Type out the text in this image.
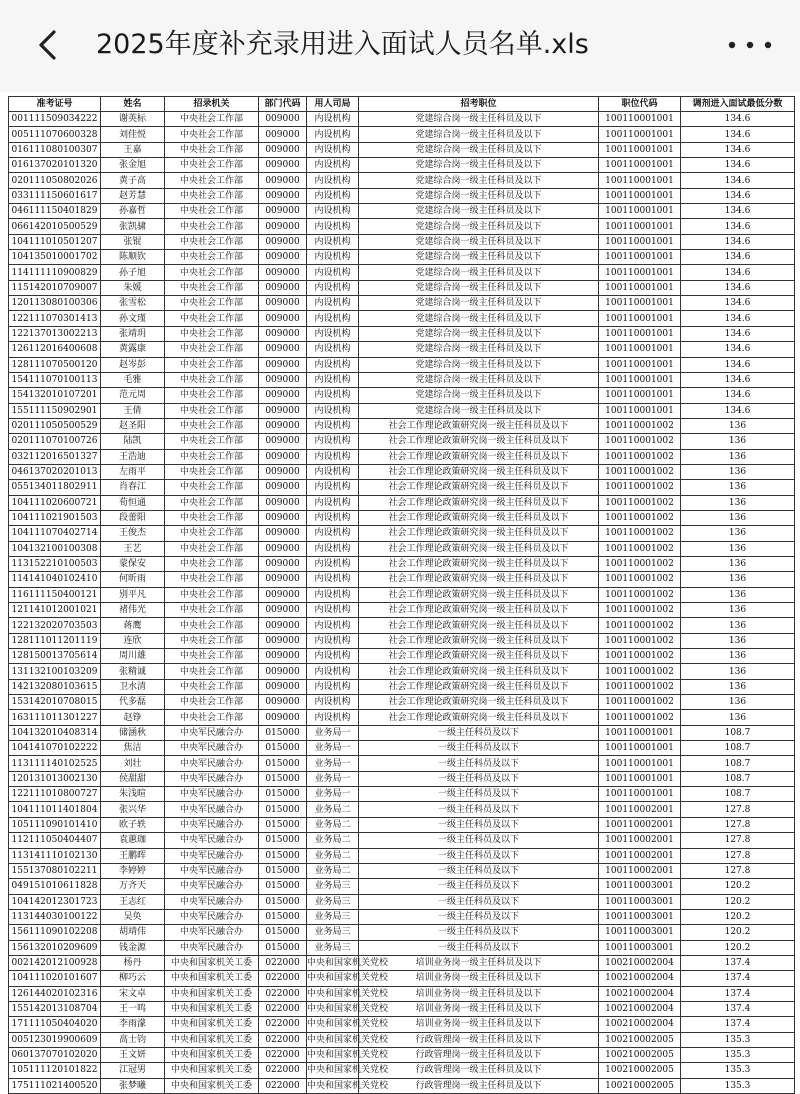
2025年度补充录用进入面试人员名单.xls
准考证号	姓名	招录机关	部门代码	用人司局	招考职位	职位代码	调剂进入面试最低分数
001111509034222	谢英标	中央社会工作部	009000	内设机构	党建综合岗一级主任科员及以下	100110001001	134.6
005111070600328	刘佳悦	中央社会工作部	009000	内设机构	党建综合岗一级主任科员及以下	100110001001	134.6
016111080100307	王嘉	中央社会工作部	009000	内设机构	党建综合岗一级主任科员及以下	100110001001	134.6
016137020101320	张金旭	中央社会工作部	009000	内设机构	党建综合岗一级主任科员及以下	100110001001	134.6
020111050802026	黄子高	中央社会工作部	009000	内设机构	党建综合岗一级主任科员及以下	100110001001	134.6
033111150601617	赵芳慧	中央社会工作部	009000	内设机构	党建综合岗一级主任科员及以下	100110001001	134.6
046111150401829	孙嘉哲	中央社会工作部	009000	内设机构	党建综合岗一级主任科员及以下	100110001001	134.6
066142010500529	张凯骕	中央社会工作部	009000	内设机构	党建综合岗一级主任科员及以下	100110001001	134.6
104111010501207	张锟	中央社会工作部	009000	内设机构	党建综合岗一级主任科员及以下	100110001001	134.6
104135010001702	陈顺钦	中央社会工作部	009000	内设机构	党建综合岗一级主任科员及以下	100110001001	134.6
114111110900829	孙子旭	中央社会工作部	009000	内设机构	党建综合岗一级主任科员及以下	100110001001	134.6
115142010709007	朱媛	中央社会工作部	009000	内设机构	党建综合岗一级主任科员及以下	100110001001	134.6
120113080100306	张雪松	中央社会工作部	009000	内设机构	党建综合岗一级主任科员及以下	100110001001	134.6
122111070301413	孙文瑾	中央社会工作部	009000	内设机构	党建综合岗一级主任科员及以下	100110001001	134.6
122137013002213	张靖玥	中央社会工作部	009000	内设机构	党建综合岗一级主任科员及以下	100110001001	134.6
126112016400608	黄露康	中央社会工作部	009000	内设机构	党建综合岗一级主任科员及以下	100110001001	134.6
128111070500120	赵岑彭	中央社会工作部	009000	内设机构	党建综合岗一级主任科员及以下	100110001001	134.6
154111070100113	毛雅	中央社会工作部	009000	内设机构	党建综合岗一级主任科员及以下	100110001001	134.6
154132010107201	范元周	中央社会工作部	009000	内设机构	党建综合岗一级主任科员及以下	100110001001	134.6
155111150902901	王倩	中央社会工作部	009000	内设机构	党建综合岗一级主任科员及以下	100110001001	134.6
020111050500529	赵圣阳	中央社会工作部	009000	内设机构	社会工作理论政策研究岗一级主任科员及以下	100110001002	136
020111070100726	陆凯	中央社会工作部	009000	内设机构	社会工作理论政策研究岗一级主任科员及以下	100110001002	136
032112016501327	王浩迪	中央社会工作部	009000	内设机构	社会工作理论政策研究岗一级主任科员及以下	100110001002	136
046137020201013	左雨平	中央社会工作部	009000	内设机构	社会工作理论政策研究岗一级主任科员及以下	100110001002	136
055134011802911	肖春江	中央社会工作部	009000	内设机构	社会工作理论政策研究岗一级主任科员及以下	100110001002	136
104111020600721	荀恒通	中央社会工作部	009000	内设机构	社会工作理论政策研究岗一级主任科员及以下	100110001002	136
104111021901503	段蕾阳	中央社会工作部	009000	内设机构	社会工作理论政策研究岗一级主任科员及以下	100110001002	136
104111070402714	王俊杰	中央社会工作部	009000	内设机构	社会工作理论政策研究岗一级主任科员及以下	100110001002	136
104132100100308	王艺	中央社会工作部	009000	内设机构	社会工作理论政策研究岗一级主任科员及以下	100110001002	136
113152210100503	蒙保安	中央社会工作部	009000	内设机构	社会工作理论政策研究岗一级主任科员及以下	100110001002	136
114141040102410	何昕雨	中央社会工作部	009000	内设机构	社会工作理论政策研究岗一级主任科员及以下	100110001002	136
116111150400121	别平凡	中央社会工作部	009000	内设机构	社会工作理论政策研究岗一级主任科员及以下	100110001002	136
121141012001021	褚伟光	中央社会工作部	009000	内设机构	社会工作理论政策研究岗一级主任科员及以下	100110001002	136
122132020703503	蒋鹰	中央社会工作部	009000	内设机构	社会工作理论政策研究岗一级主任科员及以下	100110001002	136
128111011201119	连欣	中央社会工作部	009000	内设机构	社会工作理论政策研究岗一级主任科员及以下	100110001002	136
128150013705614	周川雄	中央社会工作部	009000	内设机构	社会工作理论政策研究岗一级主任科员及以下	100110001002	136
131132100103209	张精诚	中央社会工作部	009000	内设机构	社会工作理论政策研究岗一级主任科员及以下	100110001002	136
142132080103615	卫水清	中央社会工作部	009000	内设机构	社会工作理论政策研究岗一级主任科员及以下	100110001002	136
153142010708015	代多磊	中央社会工作部	009000	内设机构	社会工作理论政策研究岗一级主任科员及以下	100110001002	136
163111011301227	赵铮	中央社会工作部	009000	内设机构	社会工作理论政策研究岗一级主任科员及以下	100110001002	136
104132010408314	储涵秋	中央军民融合办	015000	业务局一	一级主任科员及以下	100110001001	108.7
104141070102222	焦洁	中央军民融合办	015000	业务局一	一级主任科员及以下	100110001001	108.7
113111140102525	刘壮	中央军民融合办	015000	业务局一	一级主任科员及以下	100110001001	108.7
120131013002130	侯甜甜	中央军民融合办	015000	业务局一	一级主任科员及以下	100110001001	108.7
122111010800727	朱浅暄	中央军民融合办	015000	业务局一	一级主任科员及以下	100110001001	108.7
104111011401804	张兴华	中央军民融合办	015000	业务局二	一级主任科员及以下	100110002001	127.8
105111090101410	欧子轶	中央军民融合办	015000	业务局二	一级主任科员及以下	100110002001	127.8
112111050404407	袁蕙珈	中央军民融合办	015000	业务局二	一级主任科员及以下	100110002001	127.8
113141110102130	王鹏晖	中央军民融合办	015000	业务局二	一级主任科员及以下	100110002001	127.8
155137080102211	李婷婷	中央军民融合办	015000	业务局二	一级主任科员及以下	100110002001	127.8
049151010611828	万齐天	中央军民融合办	015000	业务局三	一级主任科员及以下	100110003001	120.2
104142012301723	王志红	中央军民融合办	015000	业务局三	一级主任科员及以下	100110003001	120.2
113144030100122	吴奂	中央军民融合办	015000	业务局三	一级主任科员及以下	100110003001	120.2
156111090102208	胡靖伟	中央军民融合办	015000	业务局三	一级主任科员及以下	100110003001	120.2
156132010209609	钱金源	中央军民融合办	015000	业务局三	一级主任科员及以下	100110003001	120.2
002142012100928	杨丹	中央和国家机关工委	022000	中央和国家机关党校	培训业务岗一级主任科员及以下	100210002004	137.4
104111020101607	柳巧云	中央和国家机关工委	022000	中央和国家机关党校	培训业务岗一级主任科员及以下	100210002004	137.4
126144020102316	宋文卓	中央和国家机关工委	022000	中央和国家机关党校	培训业务岗一级主任科员及以下	100210002004	137.4
155142013108704	王一鸣	中央和国家机关工委	022000	中央和国家机关党校	培训业务岗一级主任科员及以下	100210002004	137.4
171111050404020	李雨濛	中央和国家机关工委	022000	中央和国家机关党校	培训业务岗一级主任科员及以下	100210002004	137.4
005123019900609	高士钧	中央和国家机关工委	022000	中央和国家机关党校	行政管理岗一级主任科员及以下	100210002005	135.3
060137070102020	王文妍	中央和国家机关工委	022000	中央和国家机关党校	行政管理岗一级主任科员及以下	100210002005	135.3
105111120101822	江冠男	中央和国家机关工委	022000	中央和国家机关党校	行政管理岗一级主任科员及以下	100210002005	135.3
175111021400520	张梦曦	中央和国家机关工委	022000	中央和国家机关党校	行政管理岗一级主任科员及以下	100210002005	135.3
